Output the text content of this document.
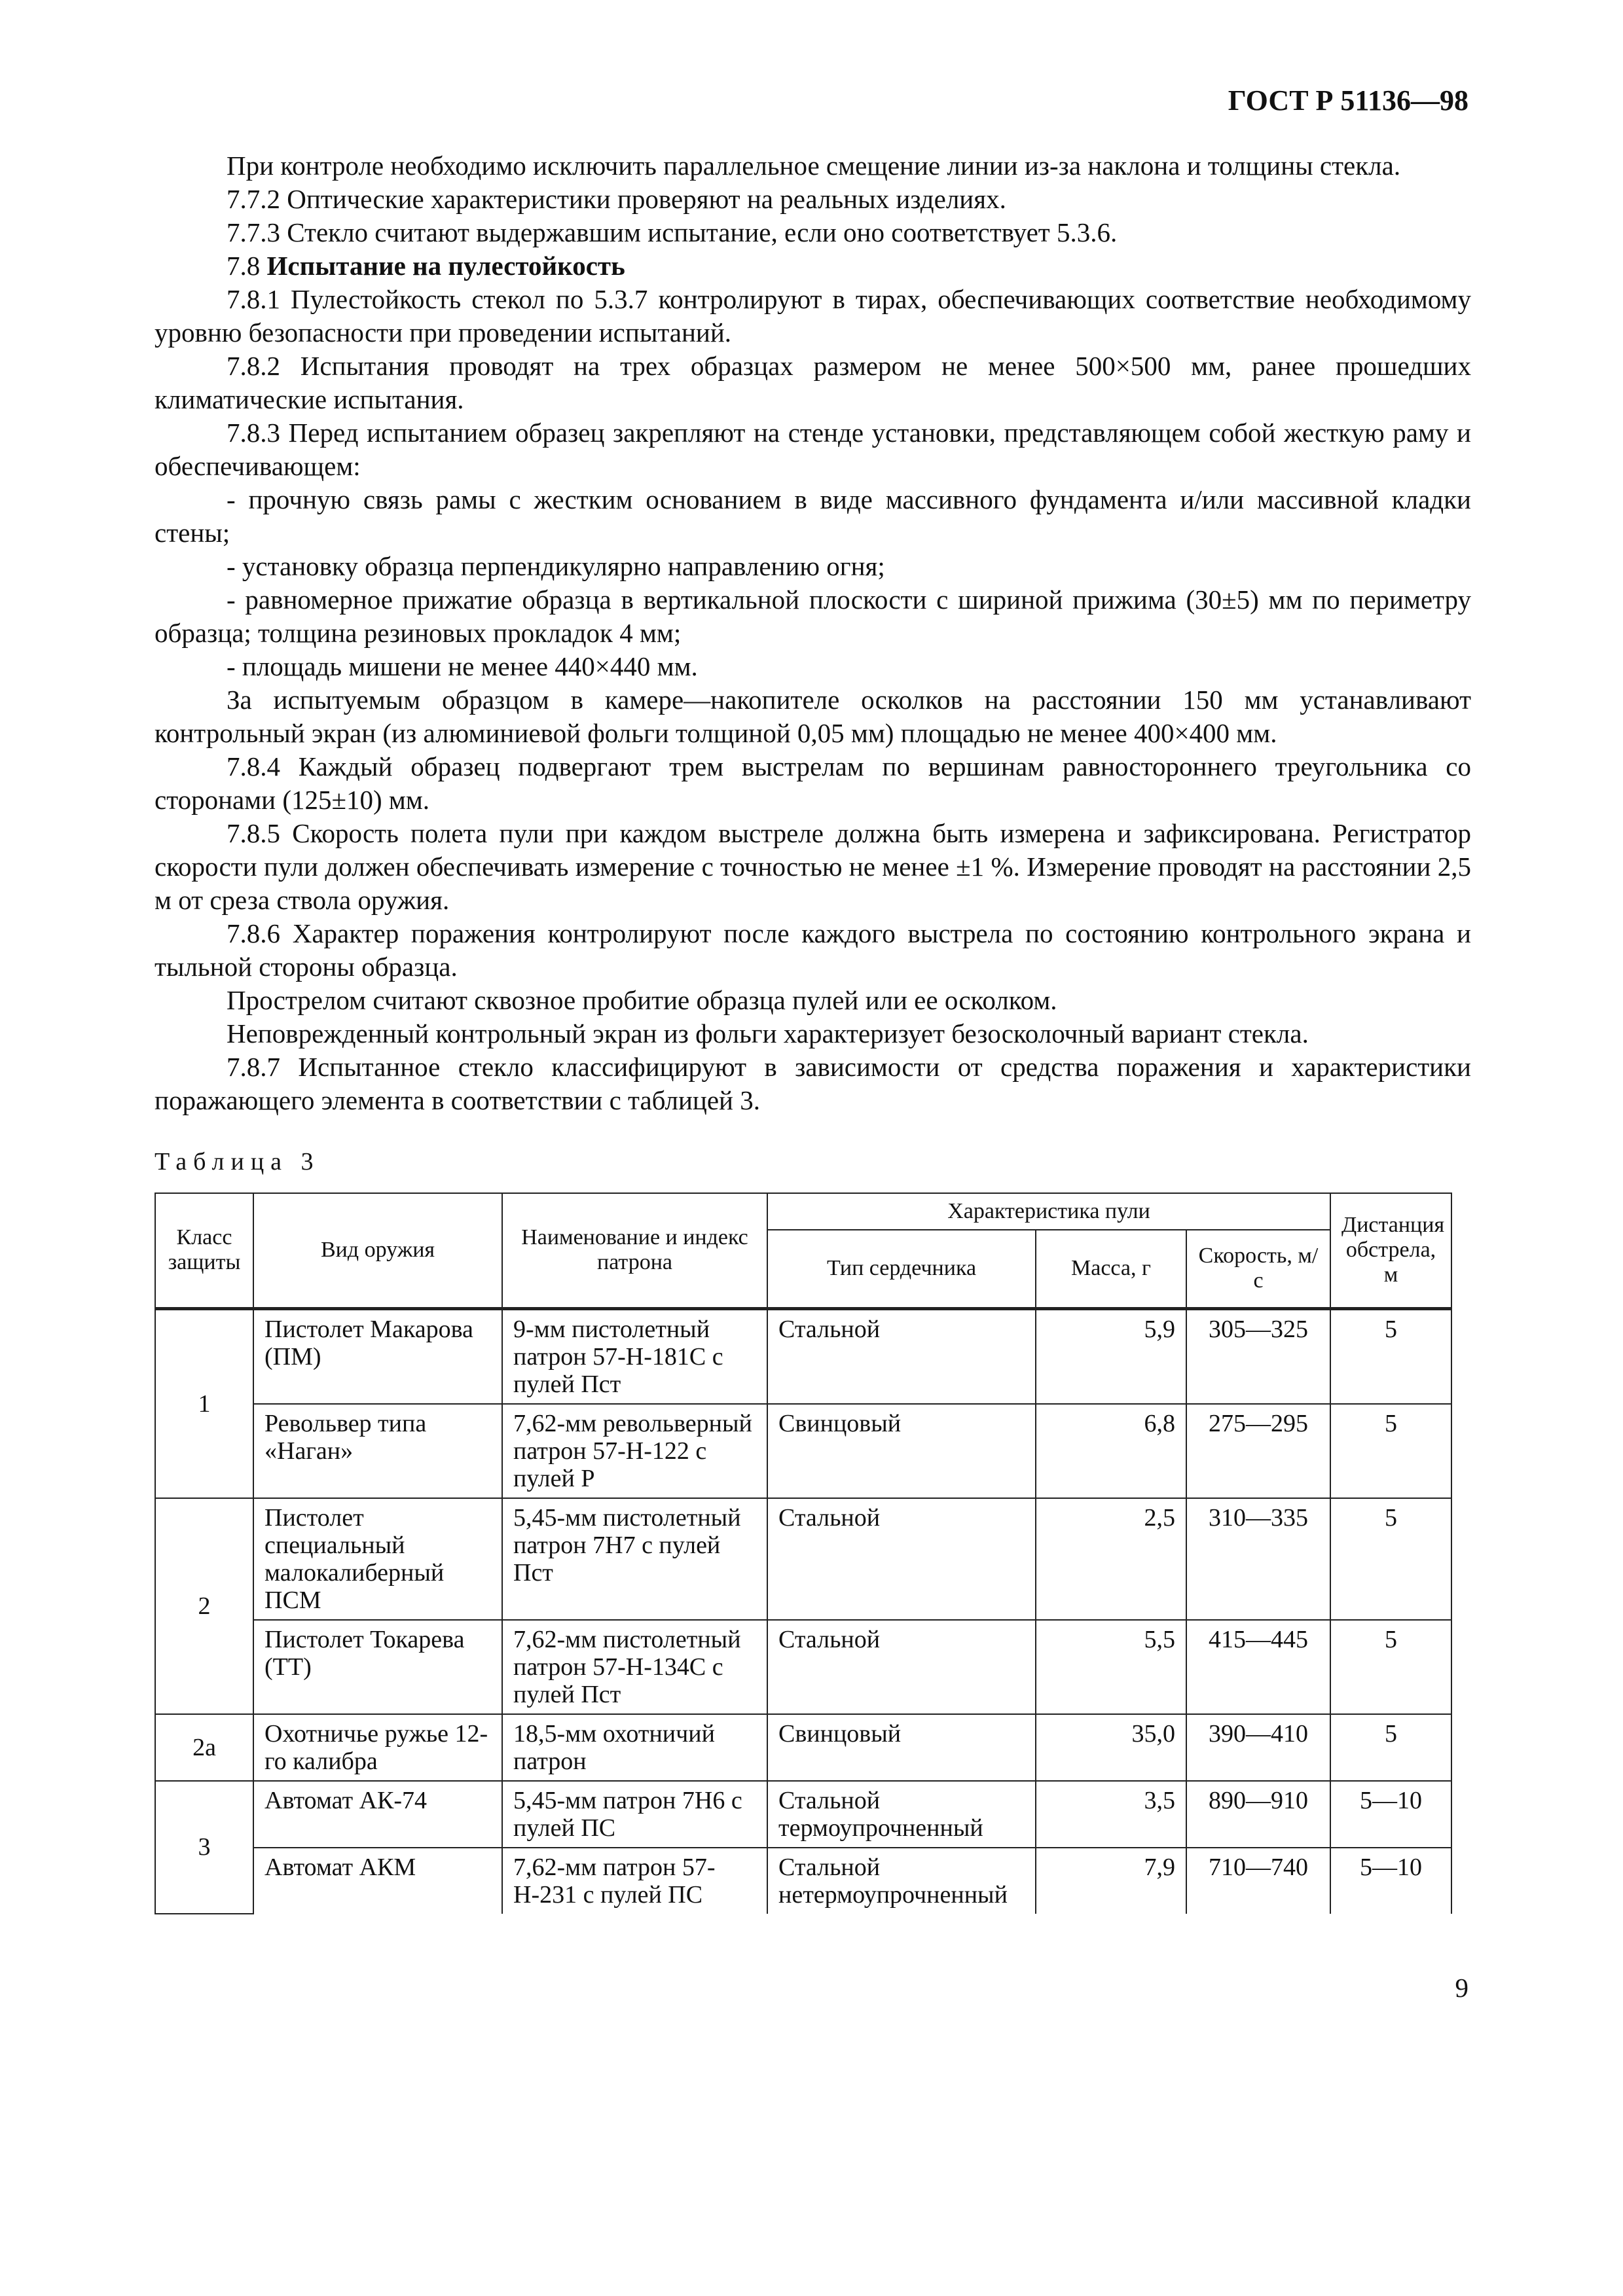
ГОСТ Р 51136—98

При контроле необходимо исключить параллельное смещение линии из-за наклона и толщины стекла.

7.7.2 Оптические характеристики проверяют на реальных изделиях.

7.7.3 Стекло считают выдержавшим испытание, если оно соответствует 5.3.6.

7.8 Испытание на пулестойкость

7.8.1 Пулестойкость стекол по 5.3.7 контролируют в тирах, обеспечивающих соответствие необходимому уровню безопасности при проведении испытаний.

7.8.2 Испытания проводят на трех образцах размером не менее 500×500 мм, ранее прошедших климатические испытания.

7.8.3 Перед испытанием образец закрепляют на стенде установки, представляющем собой жесткую раму и обеспечивающем:

- прочную связь рамы с жестким основанием в виде массивного фундамента и/или массивной кладки стены;

- установку образца перпендикулярно направлению огня;

- равномерное прижатие образца в вертикальной плоскости с шириной прижима (30±5) мм по периметру образца; толщина резиновых прокладок 4 мм;

- площадь мишени не менее 440×440 мм.

За испытуемым образцом в камере—накопителе осколков на расстоянии 150 мм устанавливают контрольный экран (из алюминиевой фольги толщиной 0,05 мм) площадью не менее 400×400 мм.

7.8.4 Каждый образец подвергают трем выстрелам по вершинам равностороннего треугольника со сторонами (125±10) мм.

7.8.5 Скорость полета пули при каждом выстреле должна быть измерена и зафиксирована. Регистратор скорости пули должен обеспечивать измерение с точностью не менее ±1 %. Измерение проводят на расстоянии 2,5 м от среза ствола оружия.

7.8.6 Характер поражения контролируют после каждого выстрела по состоянию контрольного экрана и тыльной стороны образца.

Прострелом считают сквозное пробитие образца пулей или ее осколком.

Неповрежденный контрольный экран из фольги характеризует безосколочный вариант стекла.

7.8.7 Испытанное стекло классифицируют в зависимости от средства поражения и характеристики поражающего элемента в соответствии с таблицей 3.

Таблица 3
Класс защиты	Вид оружия	Наименование и индекс патрона	Характеристика пули			Дистанция обстрела, м
			Тип сердечника	Масса, г	Скорость, м/с	
1	Пистолет Макарова (ПМ)	9-мм пистолетный патрон 57-Н-181С с пулей Пст	Стальной	5,9	305—325	5
	Револьвер типа «Наган»	7,62-мм револьверный патрон 57-Н-122 с пулей Р	Свинцовый	6,8	275—295	5
2	Пистолет специальный малокалиберный ПСМ	5,45-мм пистолетный патрон 7Н7 с пулей Пст	Стальной	2,5	310—335	5
	Пистолет Токарева (ТТ)	7,62-мм пистолетный патрон 57-Н-134С с пулей Пст	Стальной	5,5	415—445	5
2а	Охотничье ружье 12-го калибра	18,5-мм охотничий патрон	Свинцовый	35,0	390—410	5
3	Автомат АК-74	5,45-мм патрон 7Н6 с пулей ПС	Стальной термоупрочненный	3,5	890—910	5—10
	Автомат АКМ	7,62-мм патрон 57-Н-231 с пулей ПС	Стальной нетермоупрочненный	7,9	710—740	5—10
9
